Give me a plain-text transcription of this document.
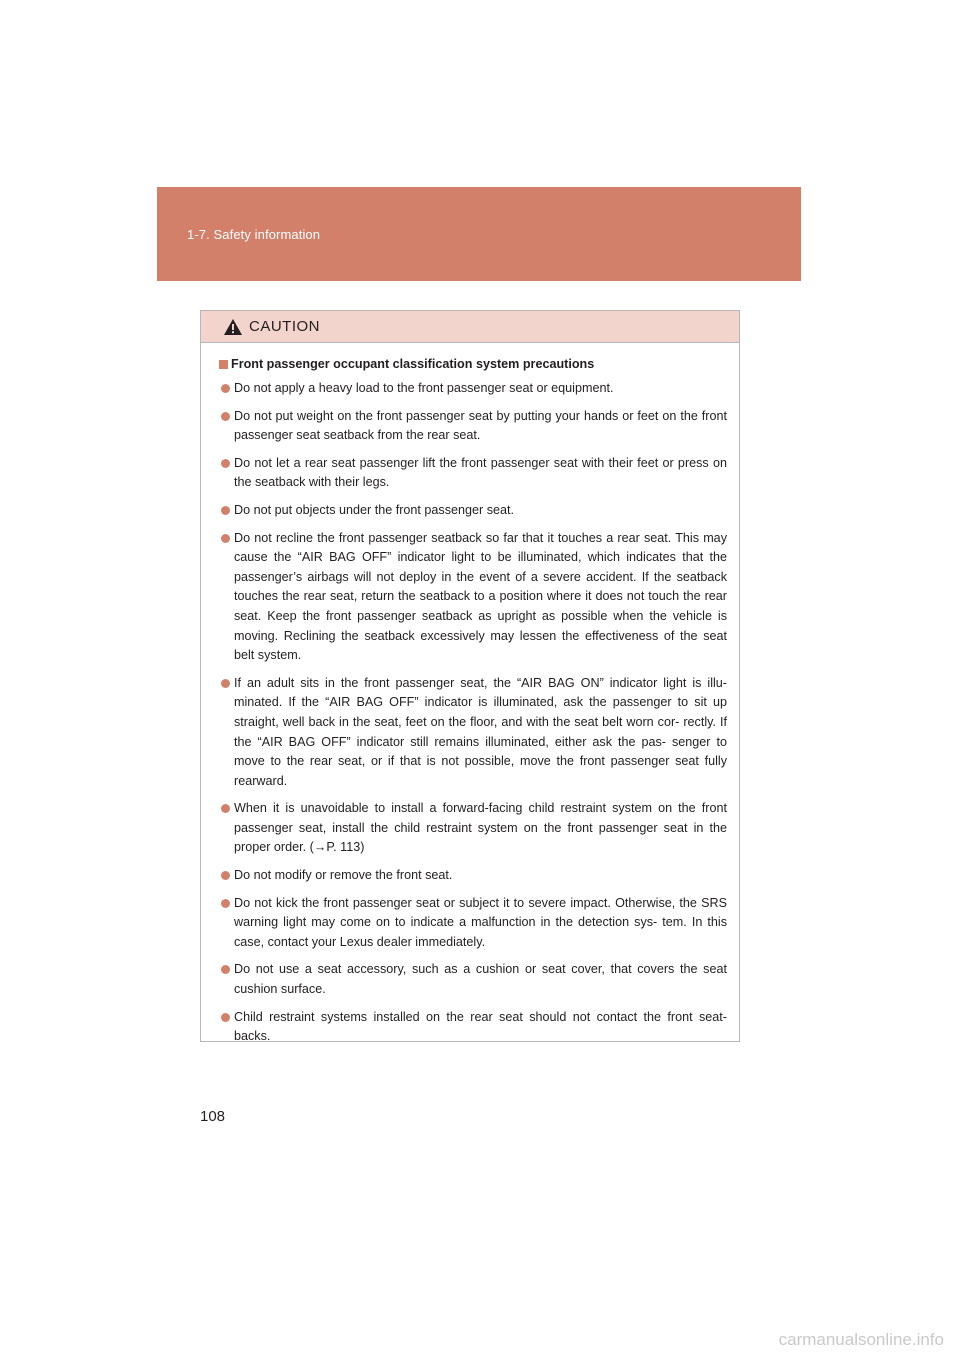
1-7. Safety information
CAUTION
Front passenger occupant classification system precautions
Do not apply a heavy load to the front passenger seat or equipment.
Do not put weight on the front passenger seat by putting your hands or feet on the front passenger seat seatback from the rear seat.
Do not let a rear seat passenger lift the front passenger seat with their feet or press on the seatback with their legs.
Do not put objects under the front passenger seat.
Do not recline the front passenger seatback so far that it touches a rear seat. This may cause the “AIR BAG OFF” indicator light to be illuminated, which indicates that the passenger’s airbags will not deploy in the event of a severe accident. If the seatback touches the rear seat, return the seatback to a position where it does not touch the rear seat. Keep the front passenger seatback as upright as possible when the vehicle is moving. Reclining the seatback excessively may lessen the effectiveness of the seat belt system.
If an adult sits in the front passenger seat, the “AIR BAG ON” indicator light is illu- minated. If the “AIR BAG OFF” indicator is illuminated, ask the passenger to sit up straight, well back in the seat, feet on the floor, and with the seat belt worn cor- rectly. If the “AIR BAG OFF” indicator still remains illuminated, either ask the pas- senger to move to the rear seat, or if that is not possible, move the front passenger seat fully rearward.
When it is unavoidable to install a forward-facing child restraint system on the front passenger seat, install the child restraint system on the front passenger seat in the proper order. (→P. 113)
Do not modify or remove the front seat.
Do not kick the front passenger seat or subject it to severe impact. Otherwise, the SRS warning light may come on to indicate a malfunction in the detection sys- tem. In this case, contact your Lexus dealer immediately.
Do not use a seat accessory, such as a cushion or seat cover, that covers the seat cushion surface.
Child restraint systems installed on the rear seat should not contact the front seat- backs.
108
carmanualsonline.info
